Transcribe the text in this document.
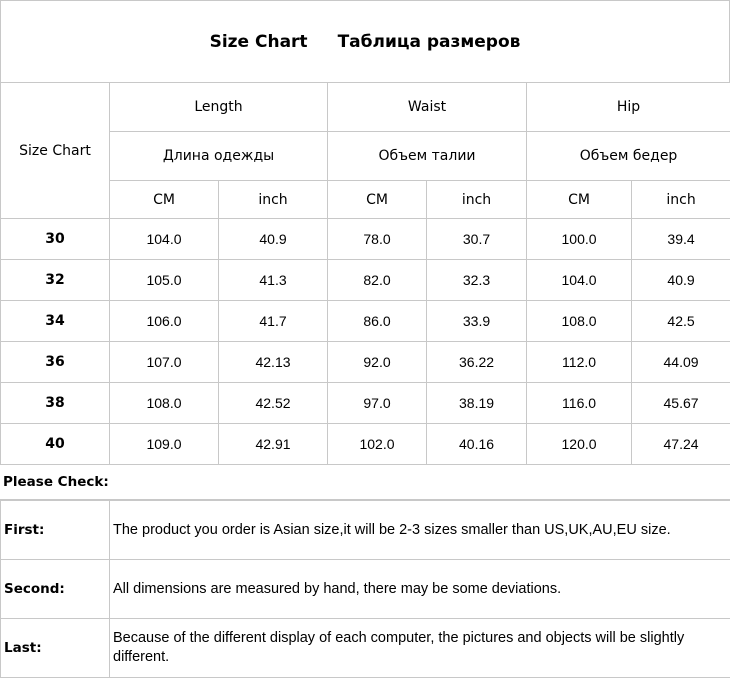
Size Chart Таблица размеров
Size Chart	Length		Waist		Hip	
	Длина одежды		Объем талии		Объем бедер	
	CM	inch	CM	inch	CM	inch
30	104.0	40.9	78.0	30.7	100.0	39.4
32	105.0	41.3	82.0	32.3	104.0	40.9
34	106.0	41.7	86.0	33.9	108.0	42.5
36	107.0	42.13	92.0	36.22	112.0	44.09
38	108.0	42.52	97.0	38.19	116.0	45.67
40	109.0	42.91	102.0	40.16	120.0	47.24
Please Check:
First:	The product you order is Asian size,it will be 2-3 sizes smaller than US,UK,AU,EU size.
Second:	All dimensions are measured by hand, there may be some deviations.
Last:	Because of the different display of each computer, the pictures and objects will be slightly different.
